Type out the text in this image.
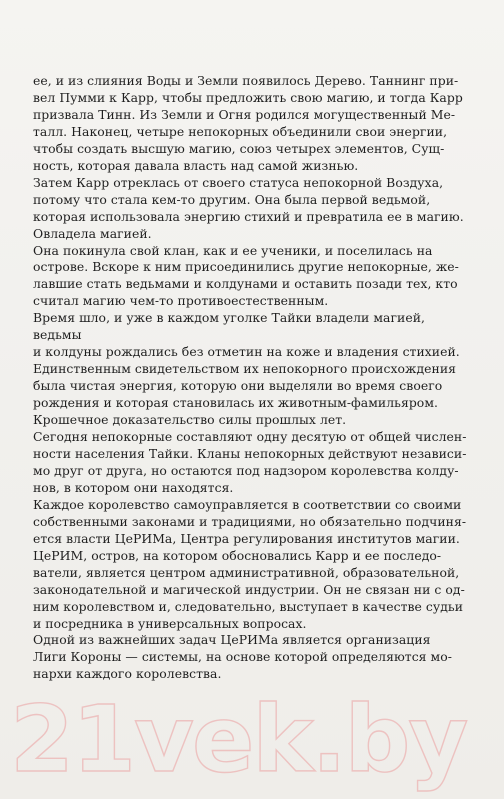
ее, и из слияния Воды и Земли появилось Дерево. Таннинг при-
вел Пумми к Карр, чтобы предложить свою магию, и тогда Карр
призвала Тинн. Из Земли и Огня родился могущественный Ме-
талл. Наконец, четыре непокорных объединили свои энергии,
чтобы создать высшую магию, союз четырех элементов, Сущ-
ность, которая давала власть над самой жизнью.

Затем Карр отреклась от своего статуса непокорной Воздуха,
потому что стала кем-то другим. Она была первой ведьмой,
которая использовала энергию стихий и превратила ее в магию.
Овладела магией.

Она покинула свой клан, как и ее ученики, и поселилась на
острове. Вскоре к ним присоединились другие непокорные, же-
лавшие стать ведьмами и колдунами и оставить позади тех, кто
считал магию чем-то противоестественным.

Время шло, и уже в каждом уголке Тайки владели магией, ведьмы
и колдуны рождались без отметин на коже и владения стихией.
Единственным свидетельством их непокорного происхождения
была чистая энергия, которую они выделяли во время своего
рождения и которая становилась их животным-фамильяром.
Крошечное доказательство силы прошлых лет.

Сегодня непокорные составляют одну десятую от общей числен-
ности населения Тайки. Кланы непокорных действуют независи-
мо друг от друга, но остаются под надзором королевства колду-
нов, в котором они находятся.

Каждое королевство самоуправляется в соответствии со своими
собственными законами и традициями, но обязательно подчиня-
ется власти ЦеРИМа, Центра регулирования институтов магии.
ЦеРИМ, остров, на котором обосновались Карр и ее последо-
ватели, является центром административной, образовательной,
законодательной и магической индустрии. Он не связан ни с од-
ним королевством и, следовательно, выступает в качестве судьи
и посредника в универсальных вопросах.

Одной из важнейших задач ЦеРИМа является организация
Лиги Короны — системы, на основе которой определяются мо-
нархи каждого королевства.

21vek.by
